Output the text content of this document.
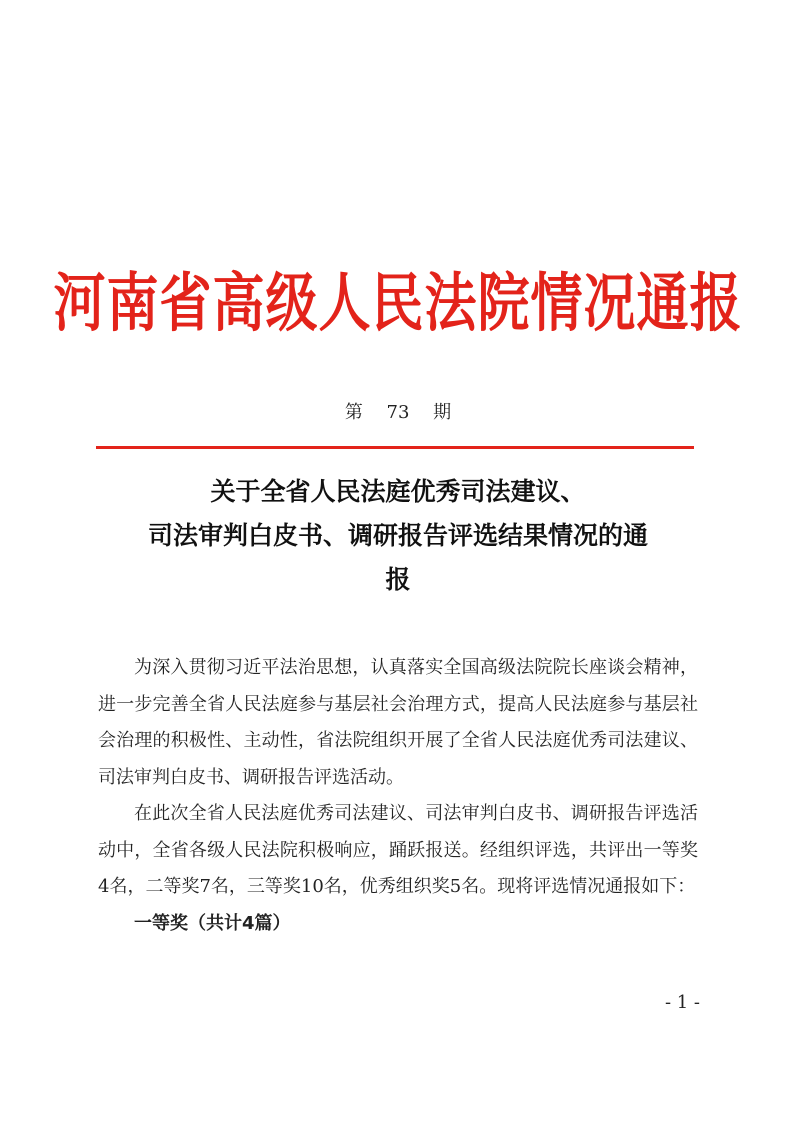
河南省高级人民法院情况通报
第 73 期
关于全省人民法庭优秀司法建议、
司法审判白皮书、调研报告评选结果情况的通
报

为深入贯彻习近平法治思想，认真落实全国高级法院院长座谈会精神，进一步完善全省人民法庭参与基层社会治理方式，提高人民法庭参与基层社会治理的积极性、主动性，省法院组织开展了全省人民法庭优秀司法建议、司法审判白皮书、调研报告评选活动。

在此次全省人民法庭优秀司法建议、司法审判白皮书、调研报告评选活动中，全省各级人民法院积极响应，踊跃报送。经组织评选，共评出一等奖4名，二等奖7名，三等奖10名，优秀组织奖5名。现将评选情况通报如下：

一等奖（共计4篇）

- 1 -
